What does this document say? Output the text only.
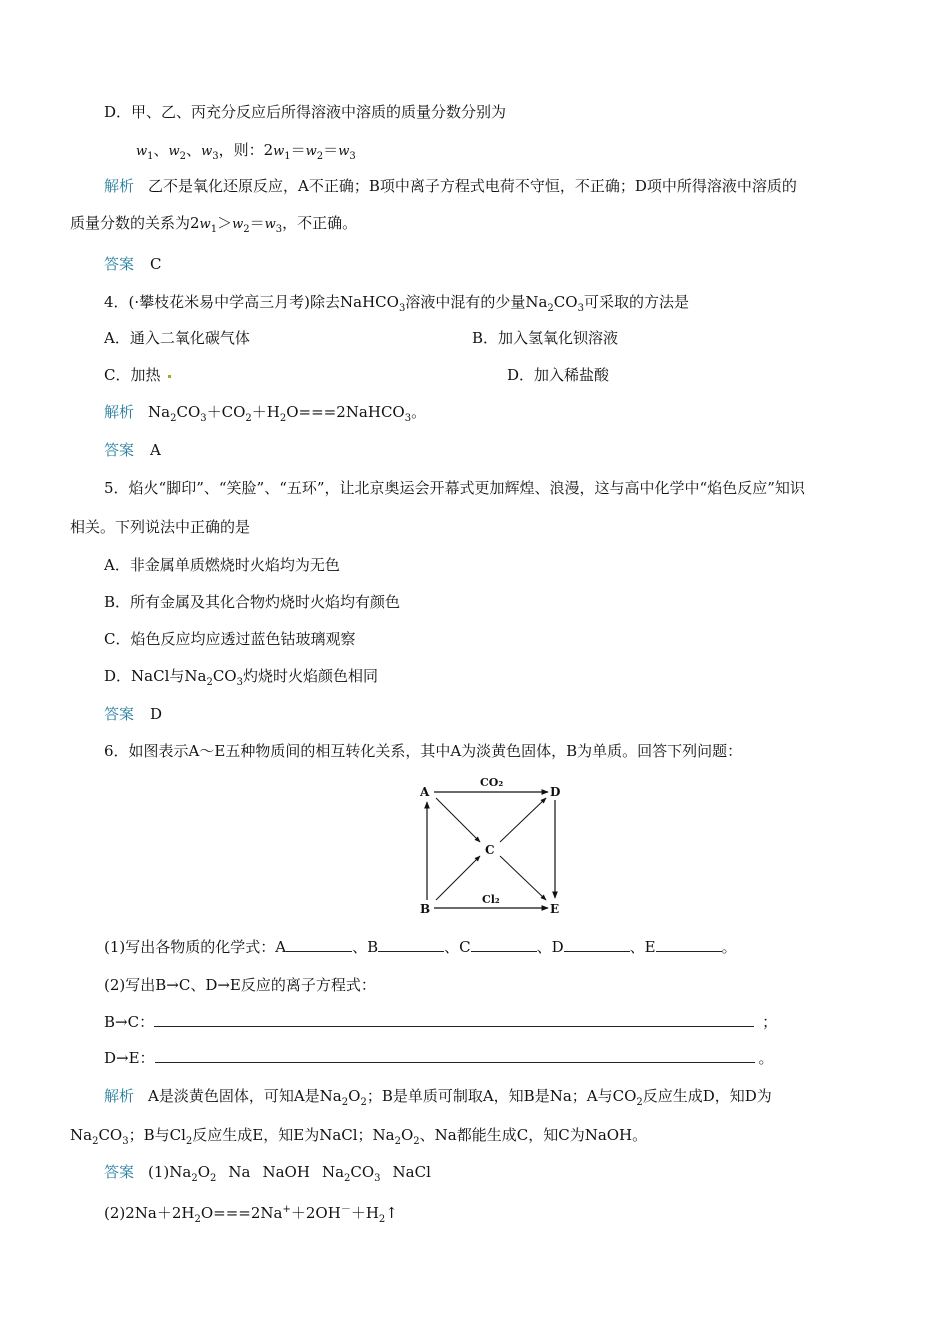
D．甲、乙、丙充分反应后所得溶液中溶质的质量分数分别为
$w_1$、$w_2$、$w_3$，则：$2w_1=w_2=w_3$
解析 乙不是氧化还原反应，A不正确；B项中离子方程式电荷不守恒，不正确；D项中所得溶液中溶质的
质量分数的关系为$2w_1>w_2=w_3$，不正确。
答案 C
4．(·攀枝花米易中学高三月考)除去NaHCO$_3$溶液中混有的少量$Na_2CO_3$可采取的方法是
A．通入二氧化碳气体	B．加入氢氧化钡溶液
C．加热	D．加入稀盐酸
解析 $Na_2CO_3+CO_2+H_2O===2NaHCO_3$。
答案 A
5．焰火“脚印”、“笑脸”、“五环”，让北京奥运会开幕式更加辉煌、浪漫，这与高中化学中“焰色反应”知识
相关。下列说法中正确的是
A．非金属单质燃烧时火焰均为无色
B．所有金属及其化合物灼烧时火焰均有颜色
C．焰色反应均应透过蓝色钴玻璃观察
D．NaCl与$Na_2CO_3$灼烧时火焰颜色相同
答案 D
6．如图表示A～E五种物质间的相互转化关系，其中A为淡黄色固体，B为单质。回答下列问题：
A	D
C
B	E
CO₂
Cl₂
(1)写出各物质的化学式：A	、B	、C	、D	、E	。
(2)写出B→C、D→E反应的离子方程式：
B→C：	；
D→E：	。
解析 A是淡黄色固体，可知A是$Na_2O_2$；B是单质可制取A，知B是Na；A与$CO_2$反应生成D，知D为
$Na_2CO_3$；B与$Cl_2$反应生成E，知E为NaCl；$Na_2O_2$、Na都能生成C，知C为NaOH。
答案 $(1)Na_2O_2$ Na NaOH $Na_2CO_3$ NaCl
$(2)2Na+2H_2O===2Na^++2OH^-+H_2↑$
